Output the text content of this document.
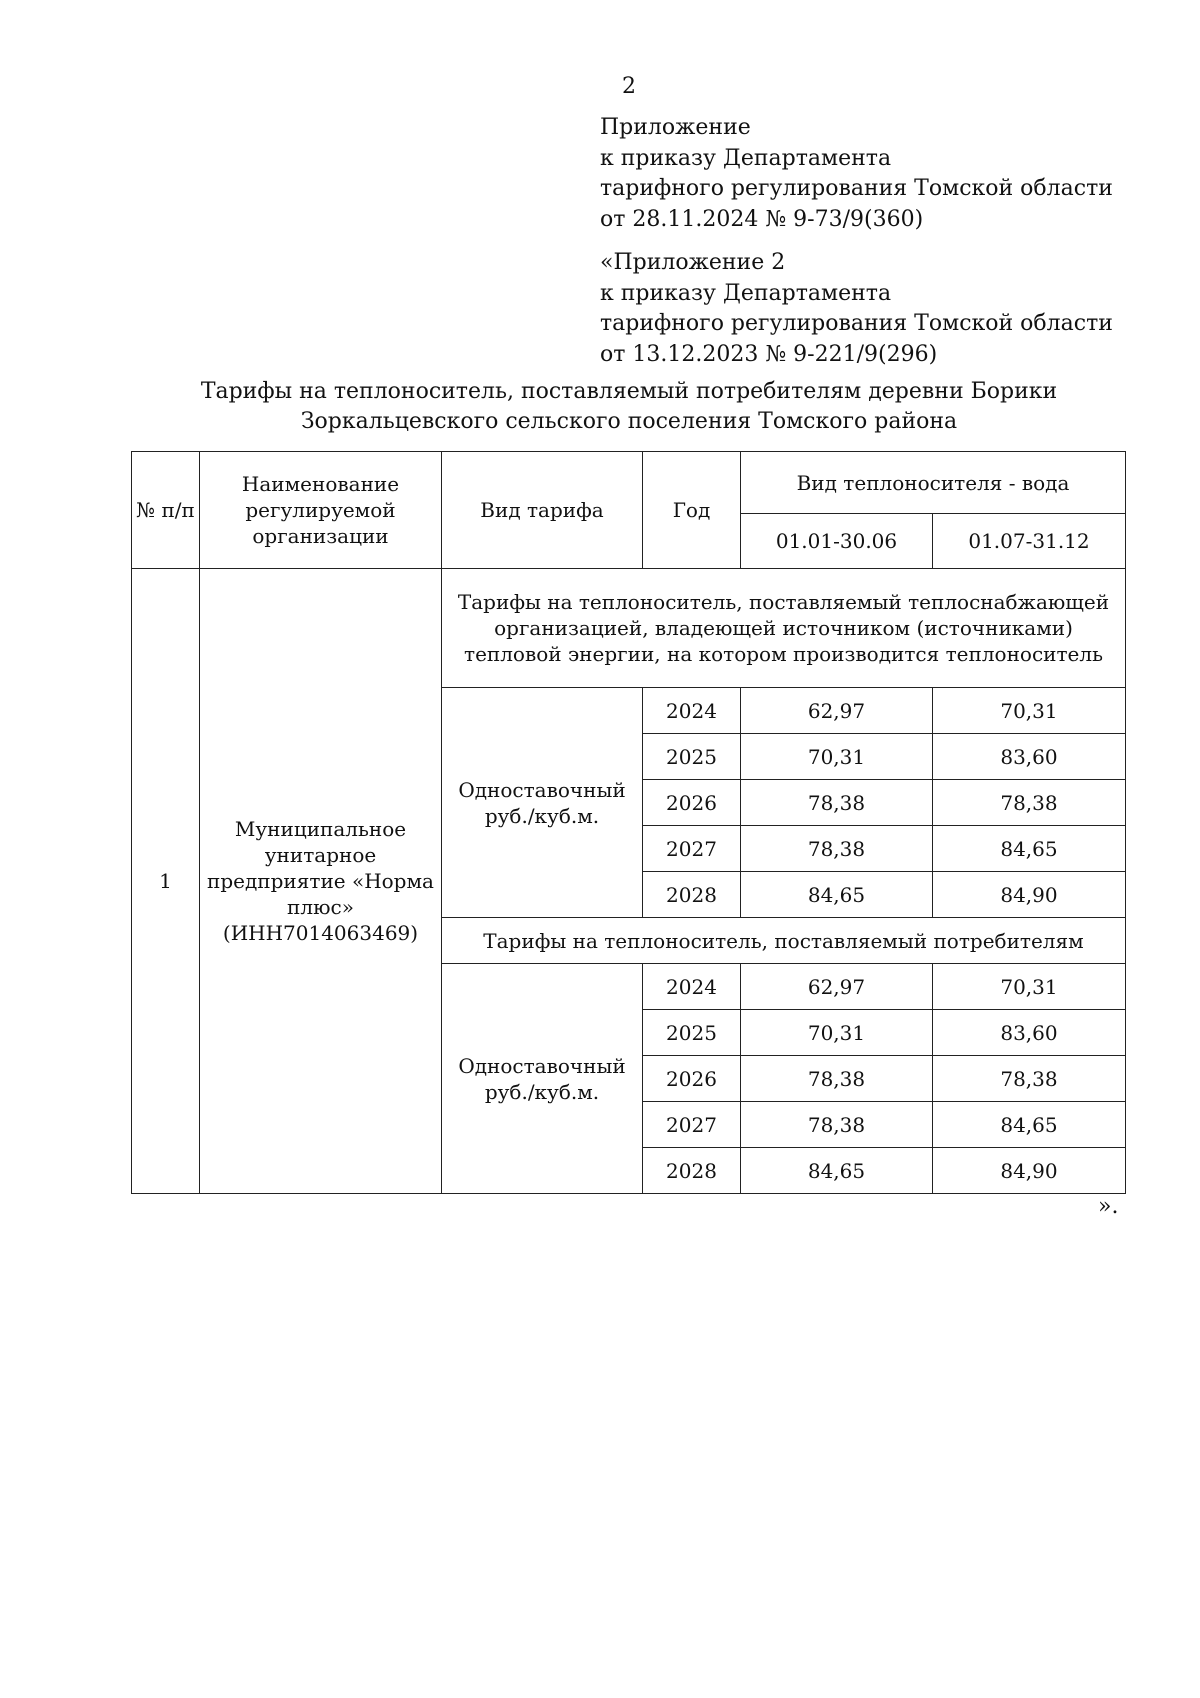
2
Приложение
к приказу Департамента
тарифного регулирования Томской области
от 28.11.2024 № 9-73/9(360)
«Приложение 2
к приказу Департамента
тарифного регулирования Томской области
от 13.12.2023 № 9-221/9(296)
Тарифы на теплоноситель, поставляемый потребителям деревни Борики
Зоркальцевского сельского поселения Томского района
№ п/п	Наименование регулируемой организации	Вид тарифа	Год	Вид теплоносителя - вода	
				01.01-30.06	01.07-31.12
1	Муниципальное унитарное предприятие «Норма плюс» (ИНН7014063469)	Тарифы на теплоноситель, поставляемый теплоснабжающей организацией, владеющей источником (источниками) тепловой энергии, на котором производится теплоноситель			
		Одноставочный руб./куб.м.	2024	62,97	70,31
			2025	70,31	83,60
			2026	78,38	78,38
			2027	78,38	84,65
			2028	84,65	84,90
		Тарифы на теплоноситель, поставляемый потребителям			
		Одноставочный руб./куб.м.	2024	62,97	70,31
			2025	70,31	83,60
			2026	78,38	78,38
			2027	78,38	84,65
			2028	84,65	84,90
».
